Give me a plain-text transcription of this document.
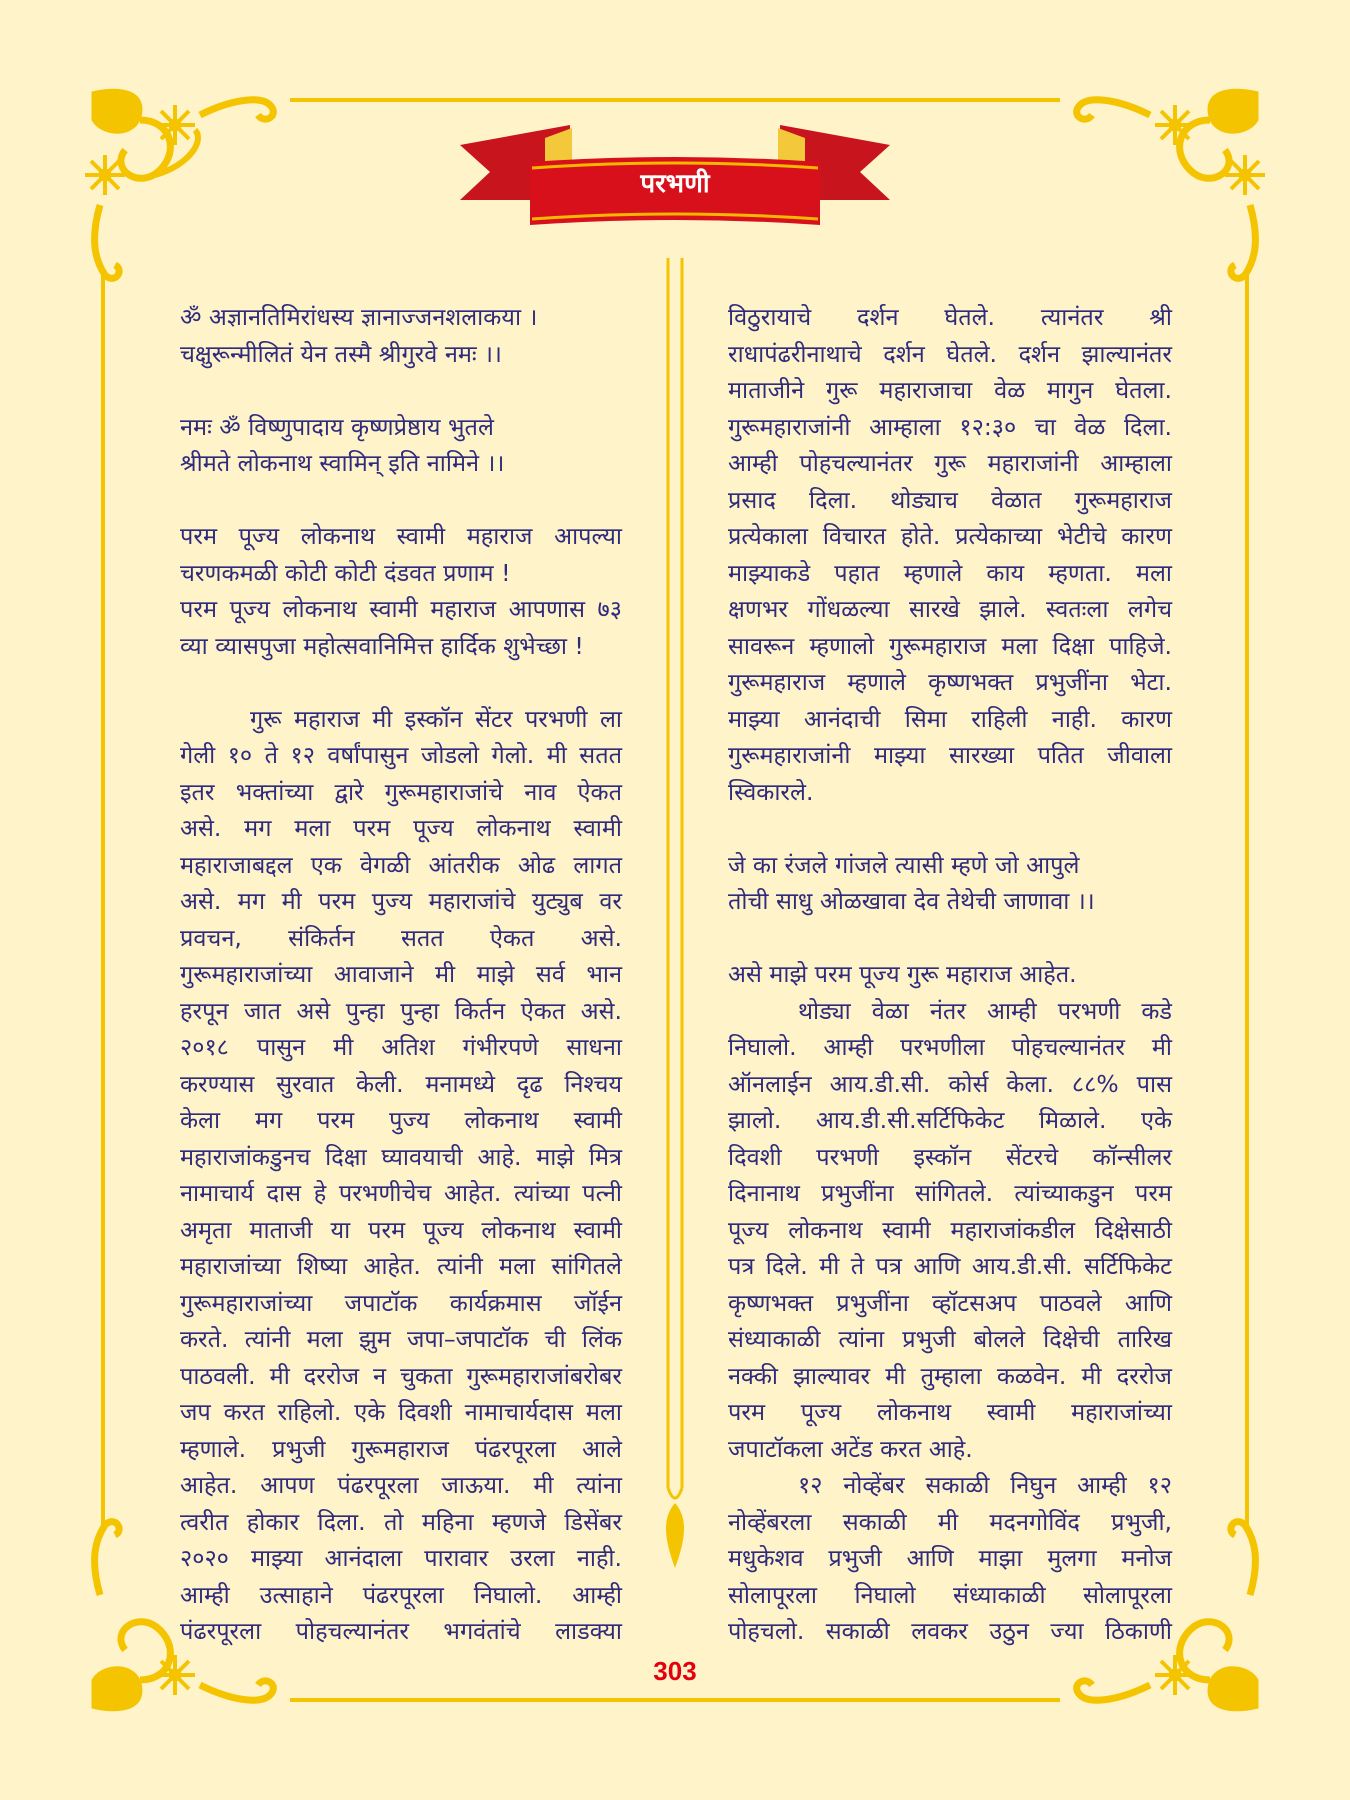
परभणी
ॐ अज्ञानतिमिरांधस्य ज्ञानाज्जनशलाकया ।
चक्षुरून्मीलितं येन तस्मै श्रीगुरवे नमः ।।
नमः ॐ विष्णुपादाय कृष्णप्रेष्ठाय भुतले
श्रीमते लोकनाथ स्वामिन् इति नामिने ।।
परम पूज्य लोकनाथ स्वामी महाराज आपल्या
चरणकमळी कोटी कोटी दंडवत प्रणाम !
परम पूज्य लोकनाथ स्वामी महाराज आपणास ७३
व्या व्यासपुजा महोत्सवानिमित्त हार्दिक शुभेच्छा !
गुरू महाराज मी इस्कॉन सेंटर परभणी ला
गेली १० ते १२ वर्षांपासुन जोडलो गेलो. मी सतत
इतर भक्तांच्या द्वारे गुरूमहाराजांचे नाव ऐकत
असे. मग मला परम पूज्य लोकनाथ स्वामी
महाराजाबद्दल एक वेगळी आंतरीक ओढ लागत
असे. मग मी परम पुज्य महाराजांचे युट्युब वर
प्रवचन, संकिर्तन सतत ऐकत असे.
गुरूमहाराजांच्या आवाजाने मी माझे सर्व भान
हरपून जात असे पुन्हा पुन्हा किर्तन ऐकत असे.
२०१८ पासुन मी अतिश गंभीरपणे साधना
करण्यास सुरवात केली. मनामध्ये दृढ निश्चय
केला मग परम पुज्य लोकनाथ स्वामी
महाराजांकडुनच दिक्षा घ्यावयाची आहे. माझे मित्र
नामाचार्य दास हे परभणीचेच आहेत. त्यांच्या पत्नी
अमृता माताजी या परम पूज्य लोकनाथ स्वामी
महाराजांच्या शिष्या आहेत. त्यांनी मला सांगितले
गुरूमहाराजांच्या जपाटॉक कार्यक्रमास जॉईन
करते. त्यांनी मला झुम जपा–जपाटॉक ची लिंक
पाठवली. मी दररोज न चुकता गुरूमहाराजांबरोबर
जप करत राहिलो. एके दिवशी नामाचार्यदास मला
म्हणाले. प्रभुजी गुरूमहाराज पंढरपूरला आले
आहेत. आपण पंढरपूरला जाऊया. मी त्यांना
त्वरीत होकार दिला. तो महिना म्हणजे डिसेंबर
२०२० माझ्या आनंदाला पारावार उरला नाही.
आम्ही उत्साहाने पंढरपूरला निघालो. आम्ही
पंढरपूरला पोहचल्यानंतर भगवंतांचे लाडक्या
विठुरायाचे दर्शन घेतले. त्यानंतर श्री
राधापंढरीनाथाचे दर्शन घेतले. दर्शन झाल्यानंतर
माताजीने गुरू महाराजाचा वेळ मागुन घेतला.
गुरूमहाराजांनी आम्हाला १२:३० चा वेळ दिला.
आम्ही पोहचल्यानंतर गुरू महाराजांनी आम्हाला
प्रसाद दिला. थोड्याच वेळात गुरूमहाराज
प्रत्येकाला विचारत होते. प्रत्येकाच्या भेटीचे कारण
माझ्याकडे पहात म्हणाले काय म्हणता. मला
क्षणभर गोंधळल्या सारखे झाले. स्वतःला लगेच
सावरून म्हणालो गुरूमहाराज मला दिक्षा पाहिजे.
गुरूमहाराज म्हणाले कृष्णभक्त प्रभुजींना भेटा.
माझ्या आनंदाची सिमा राहिली नाही. कारण
गुरूमहाराजांनी माझ्या सारख्या पतित जीवाला
स्विकारले.
जे का रंजले गांजले त्यासी म्हणे जो आपुले
तोची साधु ओळखावा देव तेथेची जाणावा ।।
असे माझे परम पूज्य गुरू महाराज आहेत.
थोड्या वेळा नंतर आम्ही परभणी कडे
निघालो. आम्ही परभणीला पोहचल्यानंतर मी
ऑनलाईन आय.डी.सी. कोर्स केला. ८८% पास
झालो. आय.डी.सी.सर्टिफिकेट मिळाले. एके
दिवशी परभणी इस्कॉन सेंटरचे कॉन्सीलर
दिनानाथ प्रभुजींना सांगितले. त्यांच्याकडुन परम
पूज्य लोकनाथ स्वामी महाराजांकडील दिक्षेसाठी
पत्र दिले. मी ते पत्र आणि आय.डी.सी. सर्टिफिकेट
कृष्णभक्त प्रभुजींना व्हॉटसअप पाठवले आणि
संध्याकाळी त्यांना प्रभुजी बोलले दिक्षेची तारिख
नक्की झाल्यावर मी तुम्हाला कळवेन. मी दररोज
परम पूज्य लोकनाथ स्वामी महाराजांच्या
जपाटॉकला अटेंड करत आहे.
१२ नोव्हेंबर सकाळी निघुन आम्ही १२
नोव्हेंबरला सकाळी मी मदनगोविंद प्रभुजी,
मधुकेशव प्रभुजी आणि माझा मुलगा मनोज
सोलापूरला निघालो संध्याकाळी सोलापूरला
पोहचलो. सकाळी लवकर उठुन ज्या ठिकाणी
303
